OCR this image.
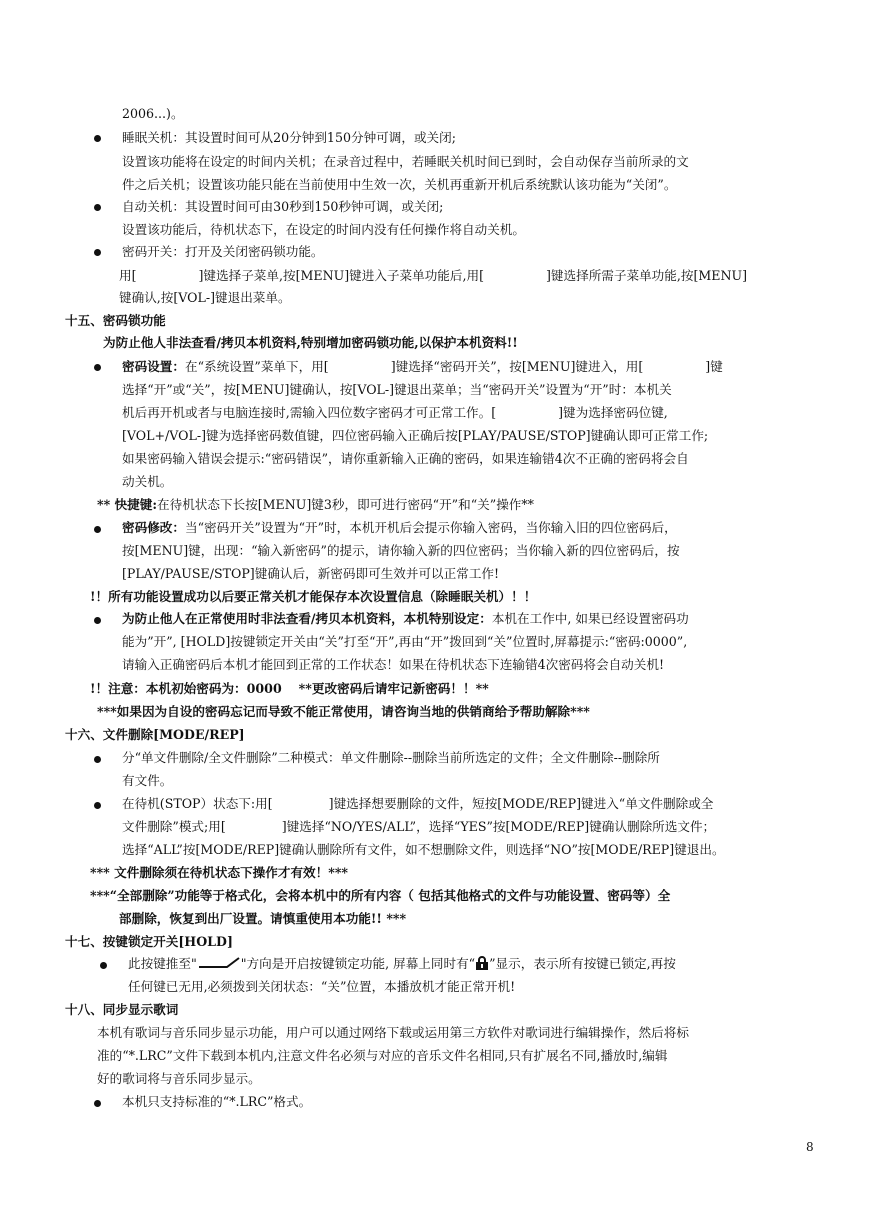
2006...)。
睡眠关机：其设置时间可从20分钟到150分钟可调，或关闭;
设置该功能将在设定的时间内关机；在录音过程中，若睡眠关机时间已到时，会自动保存当前所录的文
件之后关机；设置该功能只能在当前使用中生效一次，关机再重新开机后系统默认该功能为“关闭”。
自动关机：其设置时间可由30秒到150秒钟可调，或关闭;
设置该功能后，待机状态下，在设定的时间内没有任何操作将自动关机。
密码开关：打开及关闭密码锁功能。
用[	]键选择子菜单,按[MENU]键进入子菜单功能后,用[	]键选择所需子菜单功能,按[MENU]
键确认,按[VOL-]键退出菜单。
十五、密码锁功能
为防止他人非法查看/拷贝本机资料,特别增加密码锁功能,以保护本机资料!!
密码设置：在“系统设置”菜单下，用[	]键选择“密码开关”，按[MENU]键进入，用[	]键
选择“开”或“关”，按[MENU]键确认，按[VOL-]键退出菜单；当“密码开关”设置为“开”时：本机关
机后再开机或者与电脑连接时,需输入四位数字密码才可正常工作。[	]键为选择密码位键,
[VOL+/VOL-]键为选择密码数值键，四位密码输入正确后按[PLAY/PAUSE/STOP]键确认即可正常工作;
如果密码输入错误会提示:“密码错误”，请你重新输入正确的密码，如果连输错4次不正确的密码将会自
动关机。
** 快捷键:在待机状态下长按[MENU]键3秒，即可进行密码“开”和“关”操作**
密码修改：当“密码开关”设置为“开”时，本机开机后会提示你输入密码，当你输入旧的四位密码后，
按[MENU]键，出现：“输入新密码”的提示，请你输入新的四位密码；当你输入新的四位密码后，按
[PLAY/PAUSE/STOP]键确认后，新密码即可生效并可以正常工作!
!！所有功能设置成功以后要正常关机才能保存本次设置信息（除睡眠关机）！！
为防止他人在正常使用时非法查看/拷贝本机资料，本机特别设定：本机在工作中, 如果已经设置密码功
能为”开”, [HOLD]按键锁定开关由“关”打至“开”,再由“开”拨回到“关”位置时,屏幕提示:“密码:0000”,
请输入正确密码后本机才能回到正常的工作状态！如果在待机状态下连输错4次密码将会自动关机!
!！注意：本机初始密码为：0000　 **更改密码后请牢记新密码！！**
***如果因为自设的密码忘记而导致不能正常使用，请咨询当地的供销商给予帮助解除***
十六、文件删除[MODE/REP]
分“单文件删除/全文件删除”二种模式：单文件删除--删除当前所选定的文件；全文件删除--删除所
有文件。
在待机(STOP）状态下:用[	]键选择想要删除的文件，短按[MODE/REP]键进入“单文件删除或全
文件删除”模式;用[	]键选择“NO/YES/ALL”，选择“YES”按[MODE/REP]键确认删除所选文件；
选择“ALL”按[MODE/REP]键确认删除所有文件，如不想删除文件，则选择“NO”按[MODE/REP]键退出。
*** 文件删除须在待机状态下操作才有效！***
***“全部删除”功能等于格式化，会将本机中的所有内容（ 包括其他格式的文件与功能设置、密码等）全
部删除，恢复到出厂设置。请慎重使用本功能!! ***
十七、按键锁定开关[HOLD]
此按键推至"	"方向是开启按键锁定功能, 屏幕上同时有“ ”显示，表示所有按键已锁定,再按
任何键已无用,必须拨到关闭状态：“关”位置，本播放机才能正常开机!
十八、同步显示歌词
本机有歌词与音乐同步显示功能，用户可以通过网络下载或运用第三方软件对歌词进行编辑操作，然后将标
准的“*.LRC”文件下载到本机内,注意文件名必须与对应的音乐文件名相同,只有扩展名不同,播放时,编辑
好的歌词将与音乐同步显示。
本机只支持标准的“*.LRC”格式。
8
